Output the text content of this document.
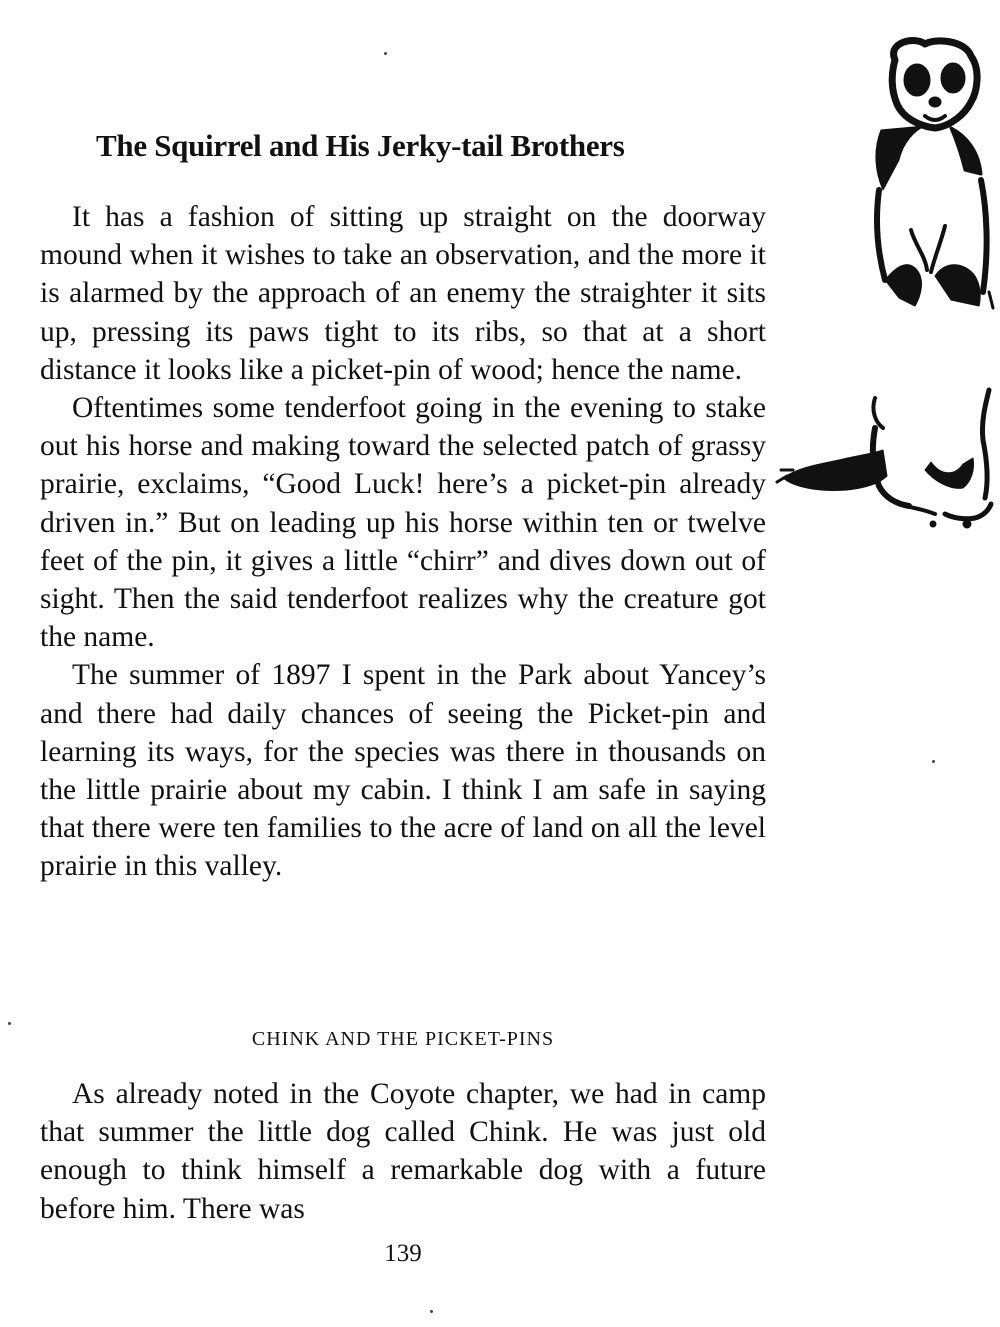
The Squirrel and His Jerky-tail Brothers

It has a fashion of sitting up straight on the doorway mound when it wishes to take an observation, and the more it is alarmed by the approach of an enemy the straighter it sits up, pressing its paws tight to its ribs, so that at a short distance it looks like a picket-pin of wood; hence the name.

Oftentimes some tenderfoot going in the evening to stake out his horse and making toward the selected patch of grassy prairie, exclaims, “Good Luck! here’s a picket-pin already driven in.” But on leading up his horse within ten or twelve feet of the pin, it gives a little “chirr” and dives down out of sight. Then the said tenderfoot realizes why the creature got the name.

The summer of 1897 I spent in the Park about Yancey’s and there had daily chances of seeing the Picket-pin and learning its ways, for the species was there in thousands on the little prairie about my cabin. I think I am safe in saying that there were ten families to the acre of land on all the level prairie in this valley.

CHINK AND THE PICKET-PINS

As already noted in the Coyote chapter, we had in camp that summer the little dog called Chink. He was just old enough to think himself a remarkable dog with a future before him. There was

139
